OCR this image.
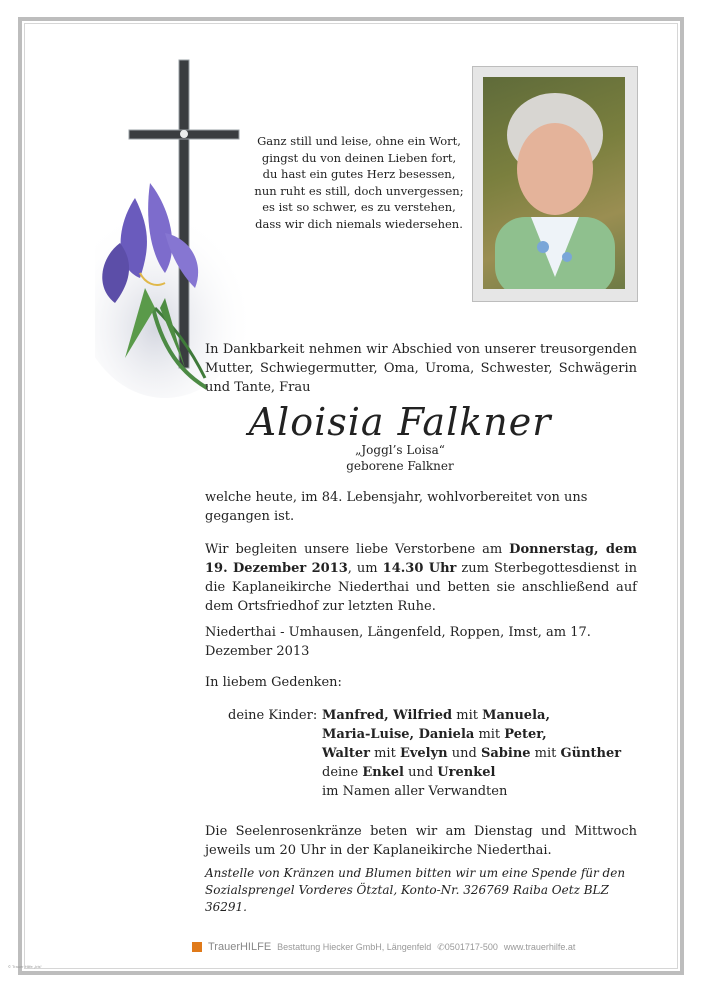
Ganz still und leise, ohne ein Wort,
gingst du von deinen Lieben fort,
du hast ein gutes Herz besessen,
nun ruht es still, doch unvergessen;
es ist so schwer, es zu verstehen,
dass wir dich niemals wiedersehen.
In Dankbarkeit nehmen wir Abschied von unserer treusorgenden Mutter, Schwiegermutter, Oma, Uroma, Schwester, Schwägerin und Tante, Frau
Aloisia Falkner
„Joggl’s Loisa“
geborene Falkner
welche heute, im 84. Lebensjahr, wohlvorbereitet von uns gegangen ist.
Wir begleiten unsere liebe Verstorbene am Donnerstag, dem 19. Dezember 2013, um 14.30 Uhr zum Sterbegottesdienst in die Kaplaneikirche Niederthai und betten sie anschließend auf dem Ortsfriedhof zur letzten Ruhe.
Niederthai - Umhausen, Längenfeld, Roppen, Imst, am 17. Dezember 2013
In liebem Gedenken:
deine Kinder: Manfred, Wilfried mit Manuela,
Maria-Luise, Daniela mit Peter,
Walter mit Evelyn und Sabine mit Günther
deine Enkel und Urenkel
im Namen aller Verwandten
Die Seelenrosenkränze beten wir am Dienstag und Mittwoch jeweils um 20 Uhr in der Kaplaneikirche Niederthai.
Anstelle von Kränzen und Blumen bitten wir um eine Spende für den Sozialsprengel Vorderes Ötztal, Konto-Nr. 326769 Raiba Oetz BLZ 36291.
TrauerHILFE Bestattung Hiecker GmbH, Längenfeld ✆0501717-500 www.trauerhilfe.at
© Trauer Hilfe „Iris“
